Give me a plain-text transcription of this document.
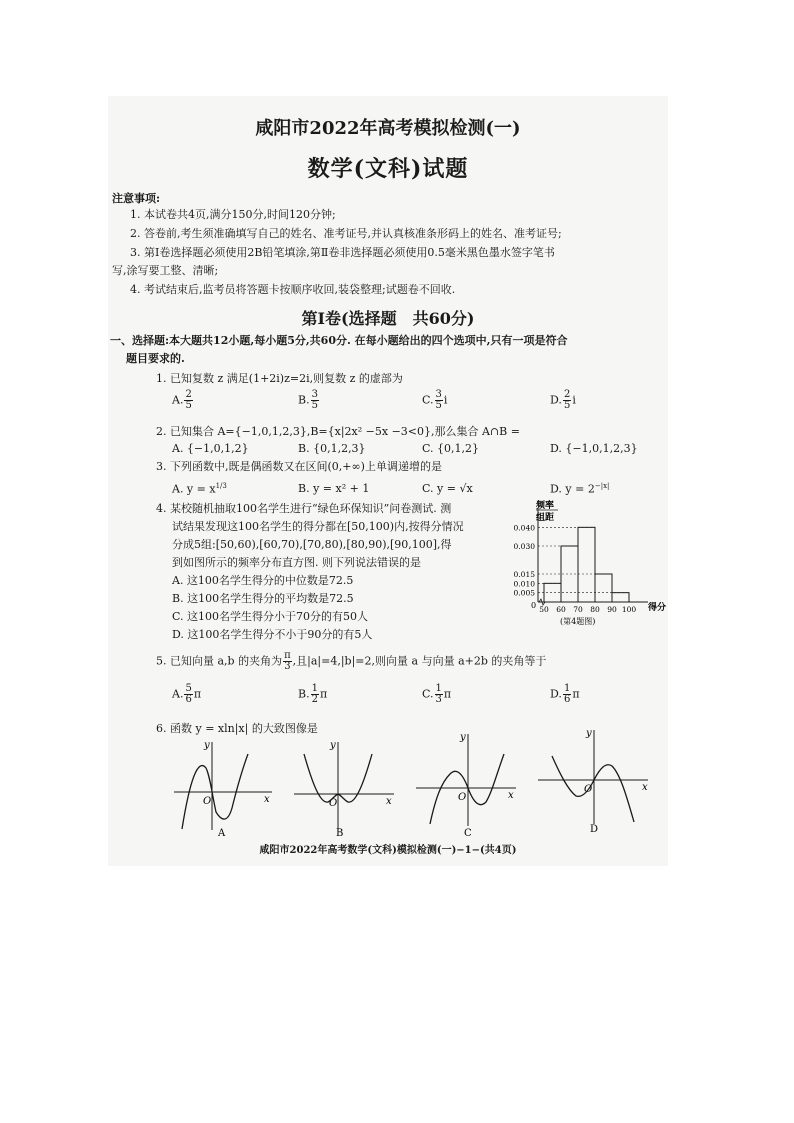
咸阳市2022年高考模拟检测(一)
数学(文科)试题
注意事项:
1. 本试卷共4页,满分150分,时间120分钟;
2. 答卷前,考生须准确填写自己的姓名、准考证号,并认真核准条形码上的姓名、准考证号;
3. 第Ⅰ卷选择题必须使用2B铅笔填涂,第Ⅱ卷非选择题必须使用0.5毫米黑色墨水签字笔书
写,涂写要工整、清晰;
4. 考试结束后,监考员将答题卡按顺序收回,装袋整理;试题卷不回收.
第Ⅰ卷(选择题　共60分)
一、选择题:本大题共12小题,每小题5分,共60分. 在每小题给出的四个选项中,只有一项是符合
题目要求的.
1. 已知复数 z 满足(1+2i)z=2i,则复数 z 的虚部为
A. $\frac{2}{5}$	B. $\frac{3}{5}$	C. $\frac{3}{5}$ i	D. $\frac{2}{5}$ i
2. 已知集合 A={−1,0,1,2,3},B={x|2x² −5x −3<0},那么集合 A∩B =
A. {−1,0,1,2}	B. {0,1,2,3}	C. {0,1,2}	D. {−1,0,1,2,3}
3. 下列函数中,既是偶函数又在区间(0,+∞)上单调递增的是
A. $y = x^{1/3}$	B. y = x² + 1	C. y = √x	D. $y = 2^{-|x|}$
4. 某校随机抽取100名学生进行“绿色环保知识”问卷测试. 测
试结果发现这100名学生的得分都在[50,100)内,按得分情况
分成5组:[50,60),[60,70),[70,80),[80,90),[90,100],得
到如图所示的频率分布直方图. 则下列说法错误的是
A. 这100名学生得分的中位数是72.5
B. 这100名学生得分的平均数是72.5
C. 这100名学生得分小于70分的有50人
D. 这100名学生得分不小于90分的有5人
频率
组距
0.040
0.030
0.015
0.010
0.005
50 60 70 80 90 100
0	得分
(第4题图)
5. 已知向量 a,b 的夹角为 $\frac{\pi}{3}$ ,且|a|=4,|b|=2,则向量 a 与向量 a+2b 的夹角等于
A. $\frac{5}{6}$ π	B. $\frac{1}{2}$ π	C. $\frac{1}{3}$ π	D. $\frac{1}{6}$ π
6. 函数 y = xln|x| 的大致图像是
y
x
O
A
y
x
O
B
y
x
O
C
y
x
O
D
咸阳市2022年高考数学(文科)模拟检测(一)−1−(共4页)
